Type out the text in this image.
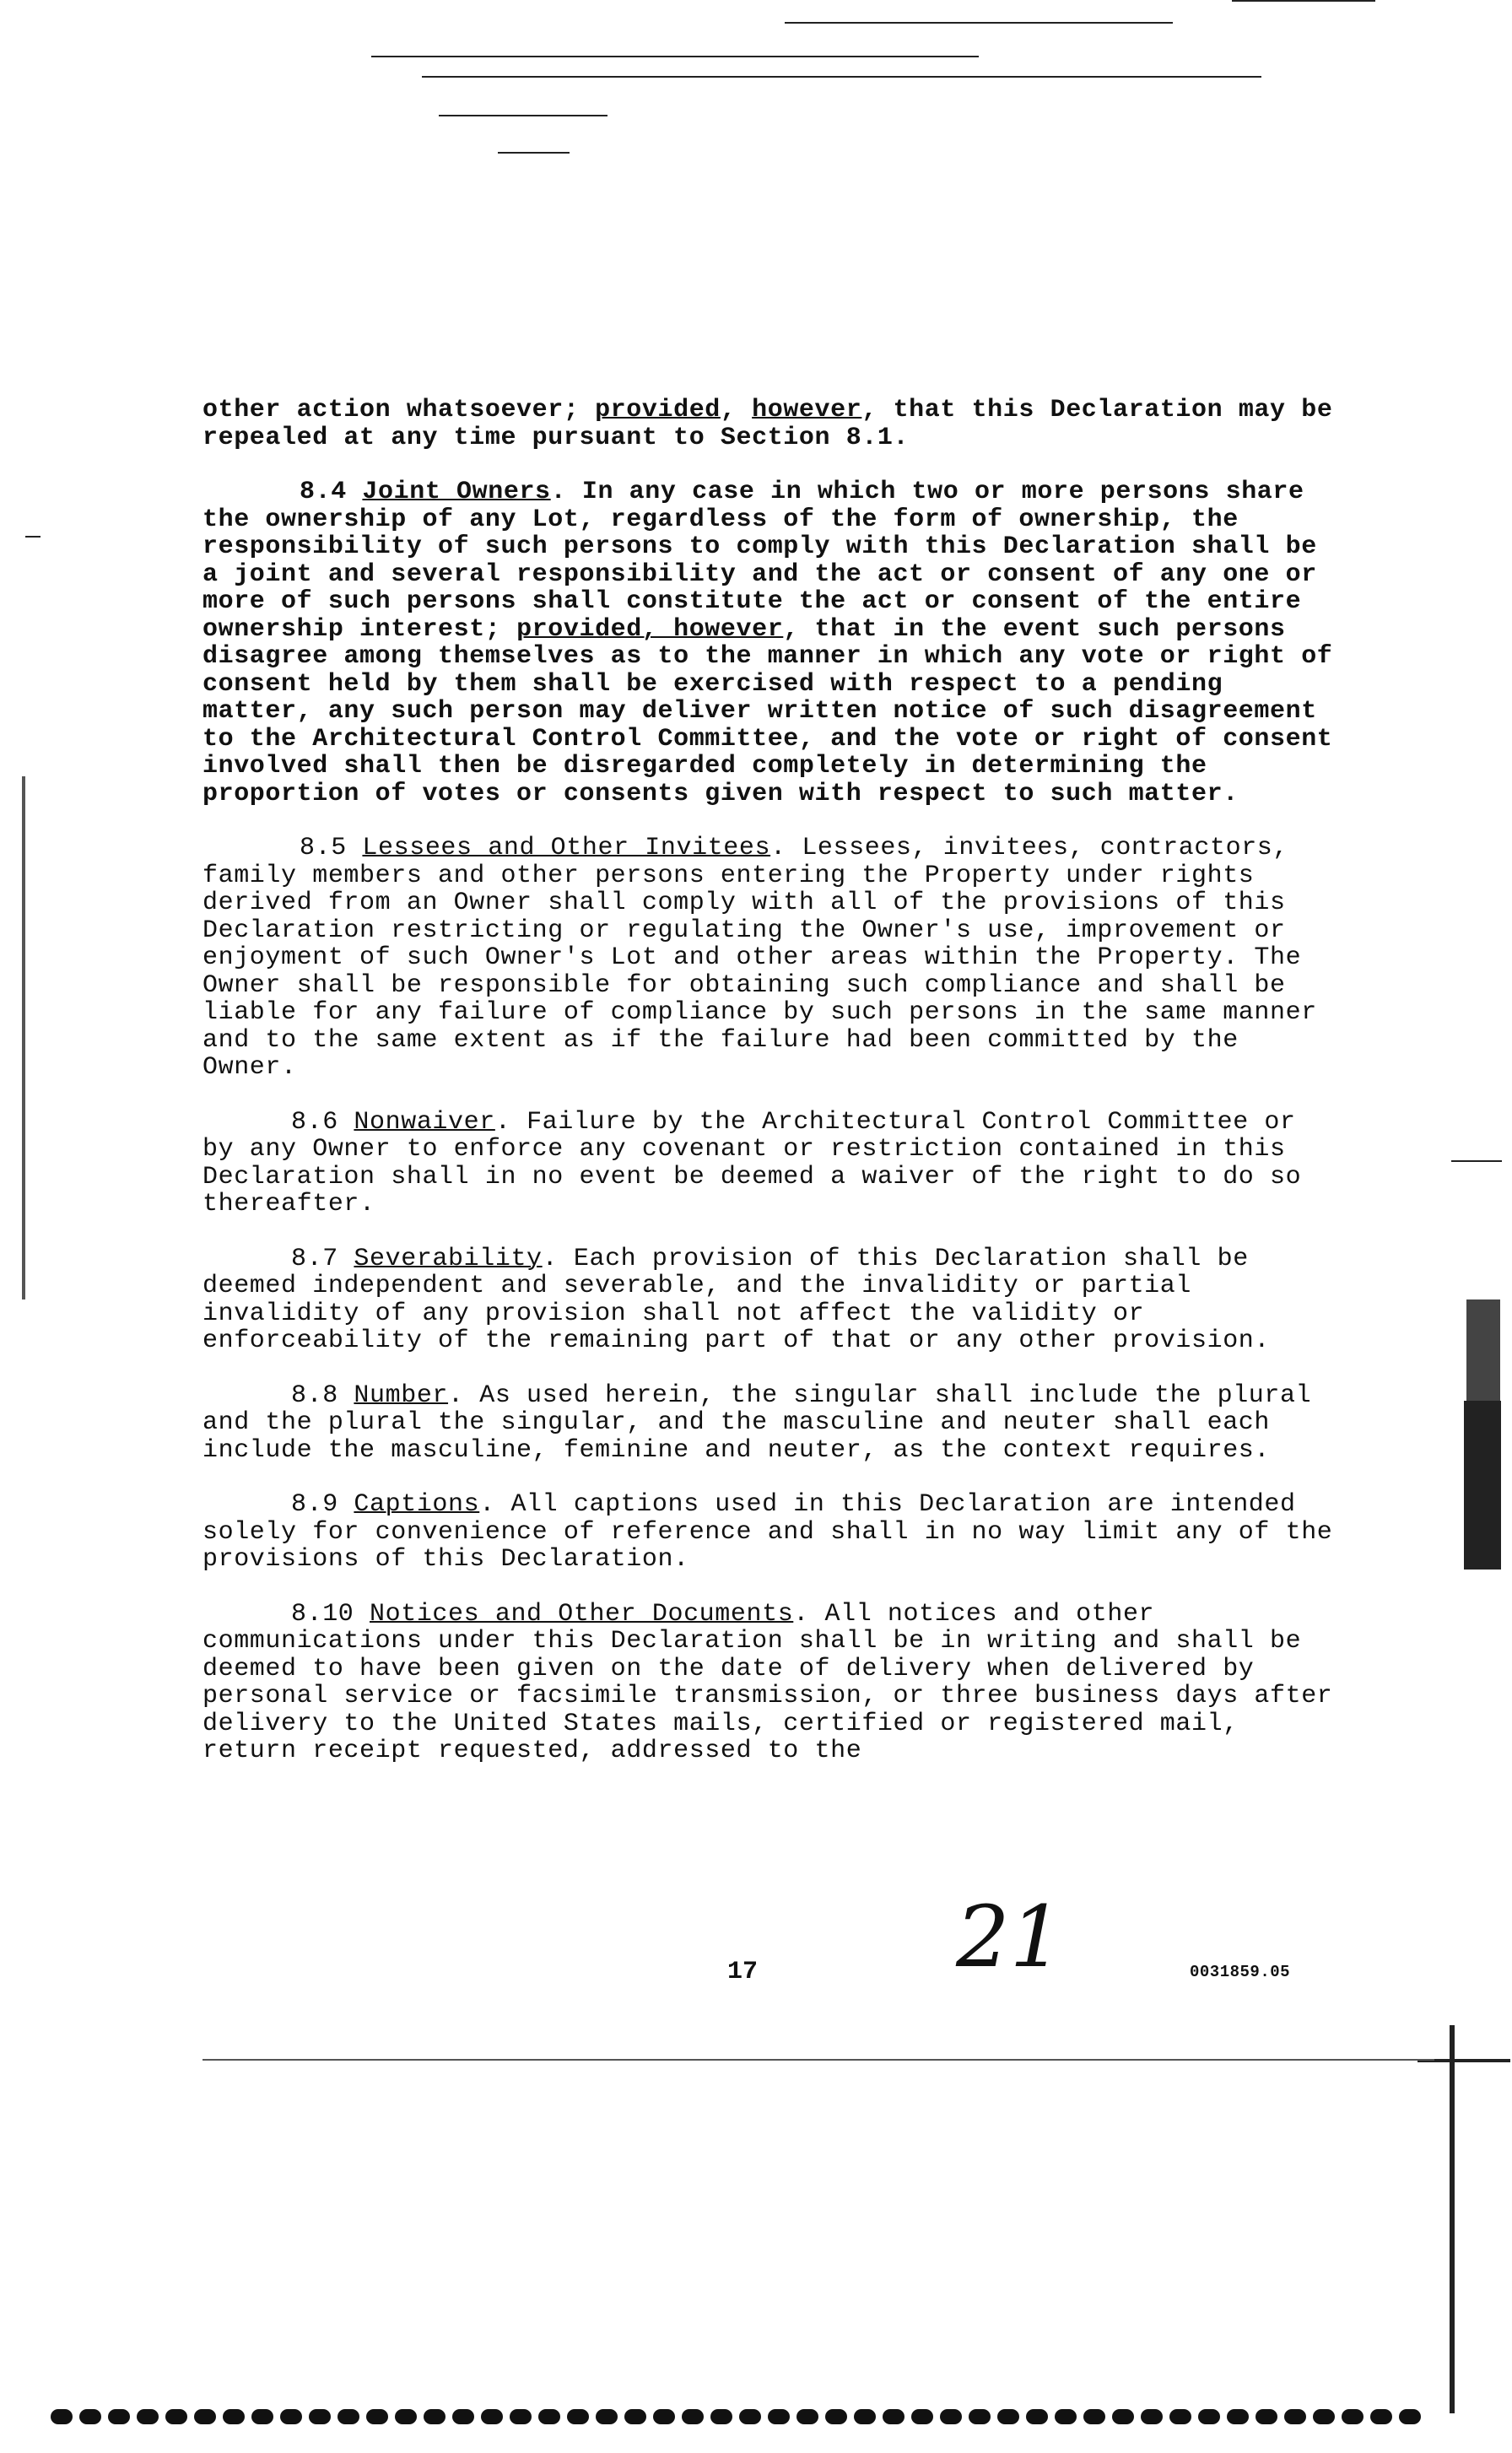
other action whatsoever; provided, however, that this Declaration may be repealed at any time pursuant to Section 8.1.

8.4 Joint Owners. In any case in which two or more persons share the ownership of any Lot, regardless of the form of ownership, the responsibility of such persons to comply with this Declaration shall be a joint and several responsibility and the act or consent of any one or more of such persons shall constitute the act or consent of the entire ownership interest; provided, however, that in the event such persons disagree among themselves as to the manner in which any vote or right of consent held by them shall be exercised with respect to a pending matter, any such person may deliver written notice of such disagreement to the Architectural Control Committee, and the vote or right of consent involved shall then be disregarded completely in determining the proportion of votes or consents given with respect to such matter.

8.5 Lessees and Other Invitees. Lessees, invitees, contractors, family members and other persons entering the Property under rights derived from an Owner shall comply with all of the provisions of this Declaration restricting or regulating the Owner's use, improvement or enjoyment of such Owner's Lot and other areas within the Property. The Owner shall be responsible for obtaining such compliance and shall be liable for any failure of compliance by such persons in the same manner and to the same extent as if the failure had been committed by the Owner.

8.6 Nonwaiver. Failure by the Architectural Control Committee or by any Owner to enforce any covenant or restriction contained in this Declaration shall in no event be deemed a waiver of the right to do so thereafter.

8.7 Severability. Each provision of this Declaration shall be deemed independent and severable, and the invalidity or partial invalidity of any provision shall not affect the validity or enforceability of the remaining part of that or any other provision.

8.8 Number. As used herein, the singular shall include the plural and the plural the singular, and the masculine and neuter shall each include the masculine, feminine and neuter, as the context requires.

8.9 Captions. All captions used in this Declaration are intended solely for convenience of reference and shall in no way limit any of the provisions of this Declaration.

8.10 Notices and Other Documents. All notices and other communications under this Declaration shall be in writing and shall be deemed to have been given on the date of delivery when delivered by personal service or facsimile transmission, or three business days after delivery to the United States mails, certified or registered mail, return receipt requested, addressed to the

21
17	0031859.05
